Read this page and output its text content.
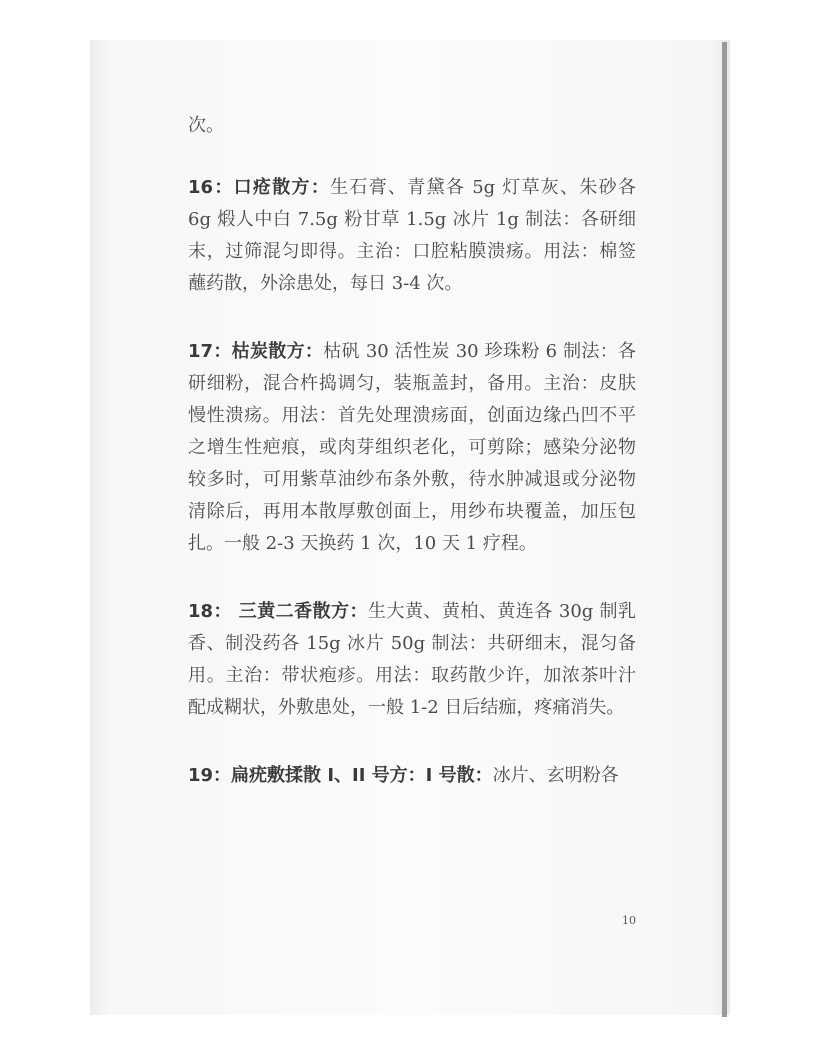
次。

16：口疮散方：生石膏、青黛各 5g 灯草灰、朱砂各 6g 煅人中白 7.5g 粉甘草 1.5g 冰片 1g 制法：各研细末，过筛混匀即得。主治：口腔粘膜溃疡。用法：棉签蘸药散，外涂患处，每日 3-4 次。

17：枯炭散方：枯矾 30 活性炭 30 珍珠粉 6 制法：各研细粉，混合杵捣调匀，装瓶盖封，备用。主治：皮肤慢性溃疡。用法：首先处理溃疡面，创面边缘凸凹不平之增生性疤痕，或肉芽组织老化，可剪除；感染分泌物较多时，可用紫草油纱布条外敷，待水肿减退或分泌物清除后，再用本散厚敷创面上，用纱布块覆盖，加压包扎。一般 2-3 天换药 1 次，10 天 1 疗程。

18： 三黄二香散方：生大黄、黄柏、黄连各 30g 制乳香、制没药各 15g 冰片 50g 制法：共研细末，混匀备用。主治：带状疱疹。用法：取药散少许，加浓茶叶汁配成糊状，外敷患处，一般 1-2 日后结痂，疼痛消失。

19：扁疣敷揉散 I、II 号方：I 号散：冰片、玄明粉各

10
